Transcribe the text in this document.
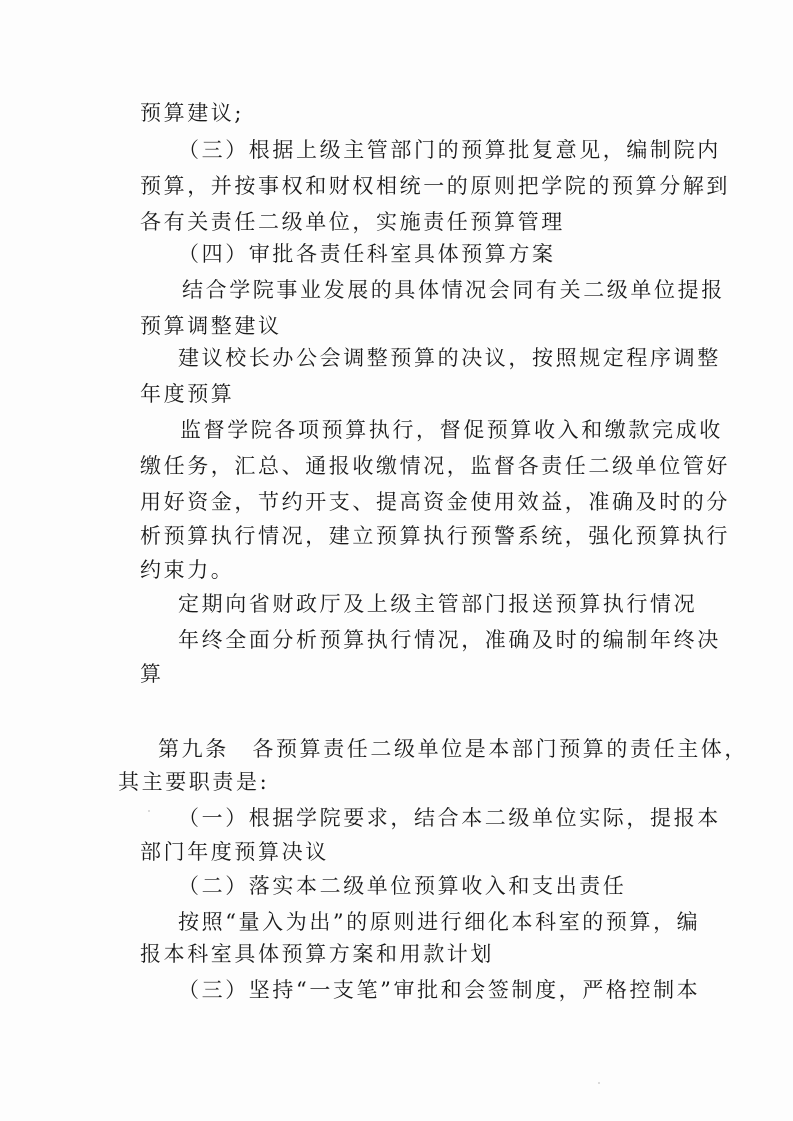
预算建议;
（三）根据上级主管部门的预算批复意见，编制院内
预算，并按事权和财权相统一的原则把学院的预算分解到
各有关责任二级单位，实施责任预算管理
（四）审批各责任科室具体预算方案
结合学院事业发展的具体情况会同有关二级单位提报
预算调整建议
建议校长办公会调整预算的决议，按照规定程序调整
年度预算
监督学院各项预算执行，督促预算收入和缴款完成收
缴任务，汇总、通报收缴情况，监督各责任二级单位管好
用好资金，节约开支、提高资金使用效益，准确及时的分
析预算执行情况，建立预算执行预警系统，强化预算执行
约束力。
定期向省财政厅及上级主管部门报送预算执行情况
年终全面分析预算执行情况，准确及时的编制年终决
算
第九条　各预算责任二级单位是本部门预算的责任主体，
其主要职责是:
（一）根据学院要求，结合本二级单位实际，提报本
部门年度预算决议
（二）落实本二级单位预算收入和支出责任
按照“量入为出”的原则进行细化本科室的预算，编
报本科室具体预算方案和用款计划
（三）坚持“一支笔”审批和会签制度，严格控制本
